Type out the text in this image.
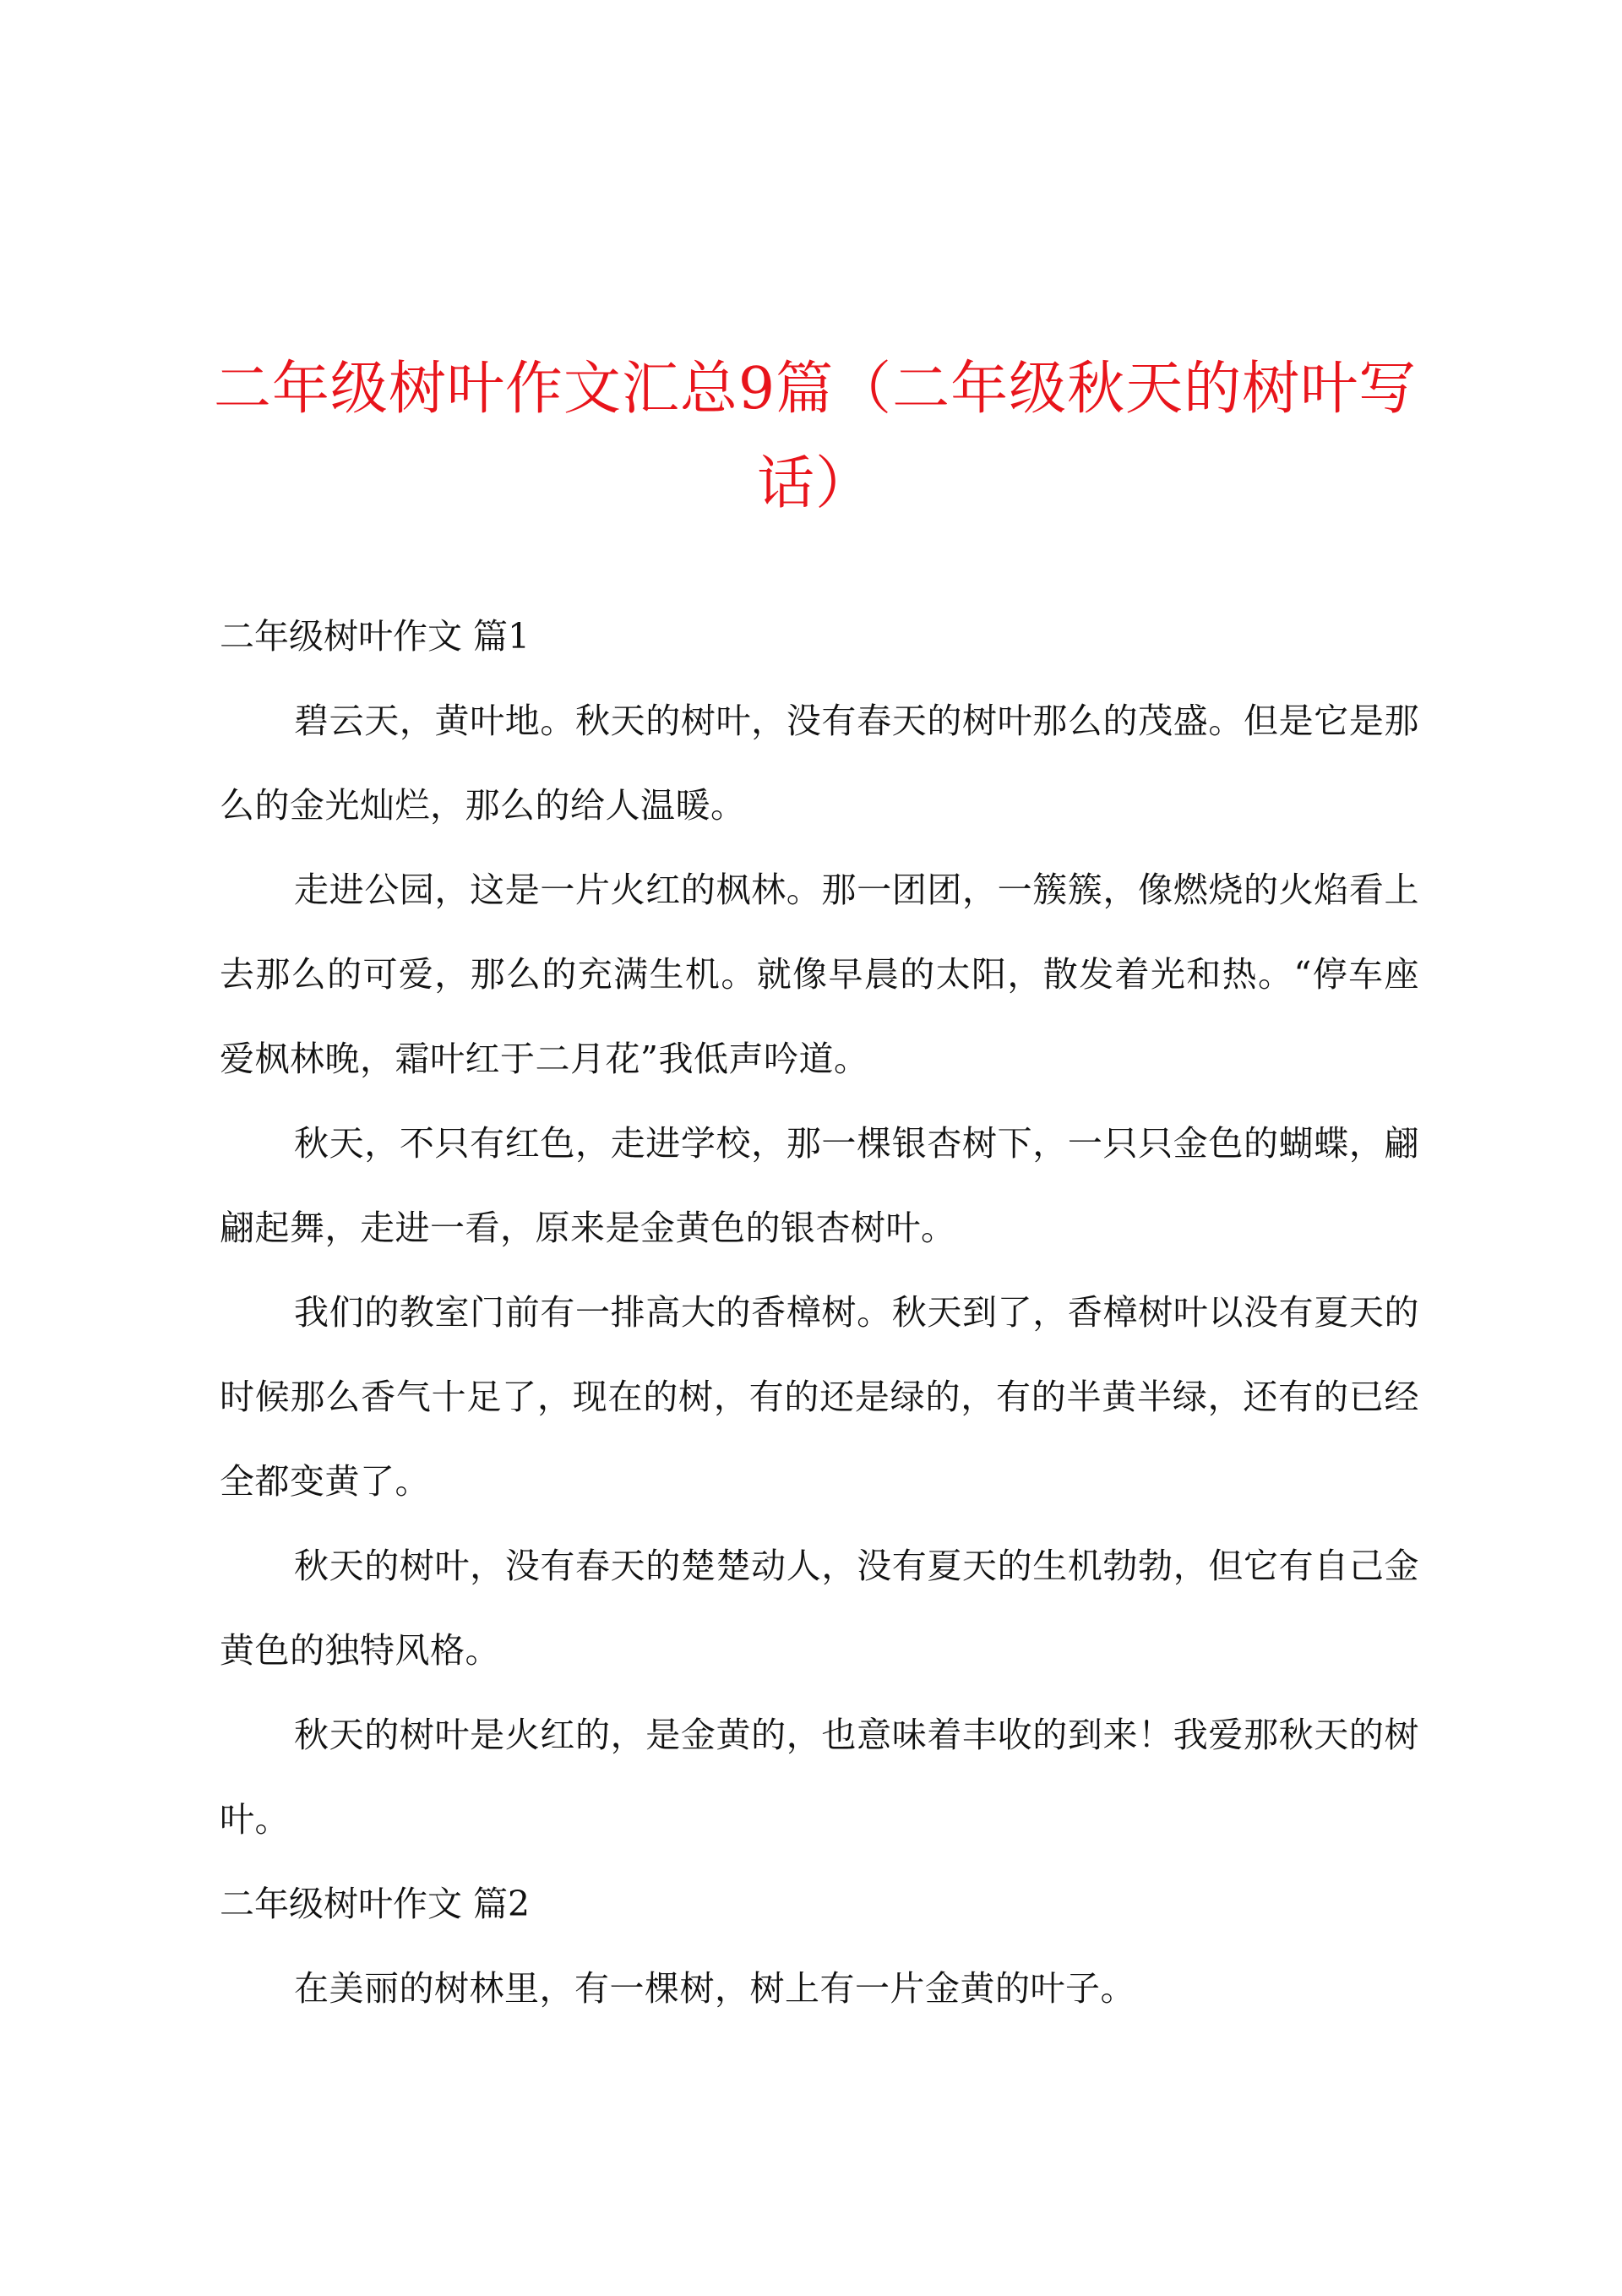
二年级树叶作文汇总9篇（二年级秋天的树叶写话）
二年级树叶作文 篇1

碧云天，黄叶地。秋天的树叶，没有春天的树叶那么的茂盛。但是它是那么的金光灿烂，那么的给人温暖。

走进公园，这是一片火红的枫林。那一团团，一簇簇，像燃烧的火焰看上去那么的可爱，那么的充满生机。就像早晨的太阳，散发着光和热。“停车座爱枫林晚，霜叶红于二月花”我低声吟道。

秋天，不只有红色，走进学校，那一棵银杏树下，一只只金色的蝴蝶，翩翩起舞，走进一看，原来是金黄色的银杏树叶。

我们的教室门前有一排高大的香樟树。秋天到了，香樟树叶以没有夏天的时候那么香气十足了，现在的树，有的还是绿的，有的半黄半绿，还有的已经全都变黄了。

秋天的树叶，没有春天的楚楚动人，没有夏天的生机勃勃，但它有自己金黄色的独特风格。

秋天的树叶是火红的，是金黄的，也意味着丰收的到来！我爱那秋天的树叶。

二年级树叶作文 篇2

在美丽的树林里，有一棵树，树上有一片金黄的叶子。
